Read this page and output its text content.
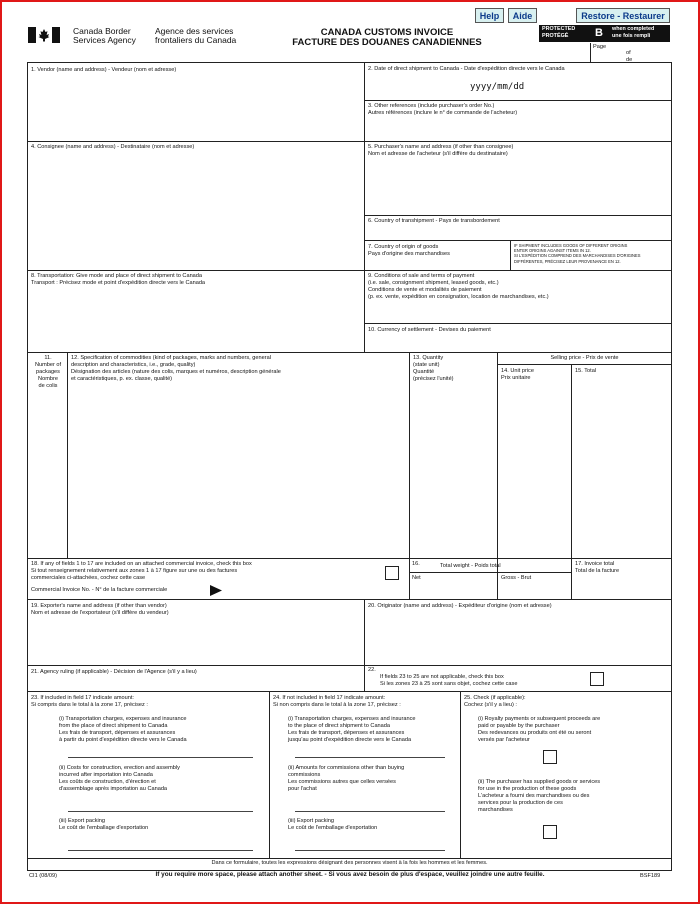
Canada Border
Services Agency
Agence des services
frontaliers du Canada
CANADA CUSTOMS INVOICE
FACTURE DES DOUANES CANADIENNES
Help	Aide	Restore - Restaurer
PROTECTED
PROTÉGÉ	B when completed
une fois rempli
Page
of
de
1. Vendor (name and address) - Vendeur (nom et adresse)	2. Date of direct shipment to Canada - Date d'expédition directe vers le Canada
yyyy/mm/dd
3. Other references (include purchaser's order No.)
Autres références (inclure le n° de commande de l'acheteur)
4. Consignee (name and address) - Destinataire (nom et adresse)	5. Purchaser's name and address (if other than consignee)
Nom et adresse de l'acheteur (s'il diffère du destinataire)
6. Country of transhipment - Pays de transbordement
7. Country of origin of goods
Pays d'origine des marchandises
IF SHIPMENT INCLUDES GOODS OF DIFFERENT ORIGINS
ENTER ORIGINS AGAINST ITEMS IN 12.
SI L'EXPÉDITION COMPREND DES MARCHANDISES D'ORIGINES
DIFFÉRENTES, PRÉCISEZ LEUR PROVENANCE EN 12.
8. Transportation: Give mode and place of direct shipment to Canada
Transport : Précisez mode et point d'expédition directe vers le Canada
9. Conditions of sale and terms of payment
(i.e. sale, consignment shipment, leased goods, etc.)
Conditions de vente et modalités de paiement
(p. ex. vente, expédition en consignation, location de marchandises, etc.)
10. Currency of settlement - Devises du paiement
11.
Number of
packages
Nombre
de colis
12. Specification of commodities (kind of packages, marks and numbers, general
description and characteristics, i.e., grade, quality)
Désignation des articles (nature des colis, marques et numéros, description générale
et caractéristiques, p. ex. classe, qualité)
13. Quantity
(state unit)
Quantité
(précisez l'unité)
Selling price - Prix de vente
14. Unit price
Prix unitaire
15. Total
16.	Total weight - Poids total
Net	Gross - Brut
17. Invoice total
Total de la facture
18. If any of fields 1 to 17 are included on an attached commercial invoice, check this box
Si tout renseignement relativement aux zones 1 à 17 figure sur une ou des factures
commerciales ci-attachées, cochez cette case
Commercial Invoice No. - N° de la facture commerciale
19. Exporter's name and address (if other than vendor)
Nom et adresse de l'exportateur (s'il diffère du vendeur)
20. Originator (name and address) - Expéditeur d'origine (nom et adresse)
21. Agency ruling (if applicable) - Décision de l'Agence (s'il y a lieu)	22.
If fields 23 to 25 are not applicable, check this box
Si les zones 23 à 25 sont sans objet, cochez cette case
23. If included in field 17 indicate amount:
Si compris dans le total à la zone 17, précisez :
(i) Transportation charges, expenses and insurance
from the place of direct shipment to Canada
Les frais de transport, dépenses et assurances
à partir du point d'expédition directe vers le Canada
(ii) Costs for construction, erection and assembly
incurred after importation into Canada
Les coûts de construction, d'érection et
d'assemblage après importation au Canada
(iii) Export packing
Le coût de l'emballage d'exportation
24. If not included in field 17 indicate amount:
Si non compris dans le total à la zone 17, précisez :
(i) Transportation charges, expenses and insurance
to the place of direct shipment to Canada
Les frais de transport, dépenses et assurances
jusqu'au point d'expédition directe vers le Canada
(ii) Amounts for commissions other than buying
commissions
Les commissions autres que celles versées
pour l'achat
(iii) Export packing
Le coût de l'emballage d'exportation
25. Check (if applicable):
Cochez (s'il y a lieu) :
(i) Royalty payments or subsequent proceeds are
paid or payable by the purchaser
Des redevances ou produits ont été ou seront
versés par l'acheteur
(ii) The purchaser has supplied goods or services
for use in the production of these goods
L'acheteur a fourni des marchandises ou des
services pour la production de ces
marchandises
Dans ce formulaire, toutes les expressions désignant des personnes visent à la fois les hommes et les femmes.
CI1 (08/09)	If you require more space, please attach another sheet. - Si vous avez besoin de plus d'espace, veuillez joindre une autre feuille.	BSF189
